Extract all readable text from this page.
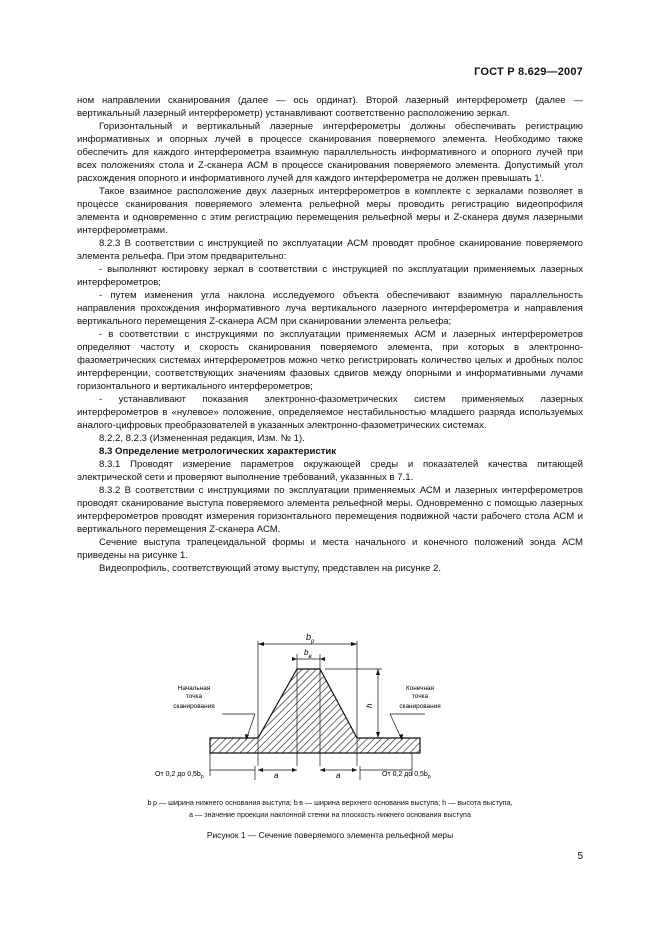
ГОСТ Р 8.629—2007

ном направлении сканирования (далее — ось ординат). Второй лазерный интерферометр (далее — вертикальный лазерный интерферометр) устанавливают соответственно расположению зеркал.

Горизонтальный и вертикальный лазерные интерферометры должны обеспечивать регистрацию информативных и опорных лучей в процессе сканирования поверяемого элемента. Необходимо также обеспечить для каждого интерферометра взаимную параллельность информативного и опорного лучей при всех положениях стола и Z-сканера АСМ в процессе сканирования поверяемого элемента. Допустимый угол расхождения опорного и информативного лучей для каждого интерферометра не должен превышать 1′.

Такое взаимное расположение двух лазерных интерферометров в комплекте с зеркалами позволяет в процессе сканирования поверяемого элемента рельефной меры проводить регистрацию видеопрофиля элемента и одновременно с этим регистрацию перемещения рельефной меры и Z-сканера двумя лазерными интерферометрами.

8.2.3 В соответствии с инструкцией по эксплуатации АСМ проводят пробное сканирование поверяемого элемента рельефа. При этом предварительно:

- выполняют юстировку зеркал в соответствии с инструкцией по эксплуатации применяемых лазерных интерферометров;

- путем изменения угла наклона исследуемого объекта обеспечивают взаимную параллельность направления прохождения информативного луча вертикального лазерного интерферометра и направления вертикального перемещения Z-сканера АСМ при сканировании элемента рельефа;

- в соответствии с инструкциями по эксплуатации применяемых АСМ и лазерных интерферометров определяют частоту и скорость сканирования поверяемого элемента, при которых в электронно-фазометрических системах интерферометров можно четко регистрировать количество целых и дробных полос интерференции, соответствующих значениям фазовых сдвигов между опорными и информативными лучами горизонтального и вертикального интерферометров;

- устанавливают показания электронно-фазометрических систем применяемых лазерных интерферометров в «нулевое» положение, определяемое нестабильностью младшего разряда используемых аналого-цифровых преобразователей в указанных электронно-фазометрических системах.

8.2.2, 8.2.3 (Измененная редакция, Изм. № 1).

8.3 Определение метрологических характеристик

8.3.1 Проводят измерение параметров окружающей среды и показателей качества питающей электрической сети и проверяют выполнение требований, указанных в 7.1.

8.3.2 В соответствии с инструкциями по эксплуатации применяемых АСМ и лазерных интерферометров проводят сканирование выступа поверяемого элемента рельефной меры. Одновременно с помощью лазерных интерферометров проводят измерения горизонтального перемещения подвижной части рабочего стола АСМ и вертикального перемещения Z-сканера АСМ.

Сечение выступа трапецеидальной формы и места начального и конечного положений зонда АСМ приведены на рисунке 1.

Видеопрофиль, соответствующий этому выступу, представлен на рисунке 2.

$b_p$
$b_в$
h
a	a
Начальная
точка
сканирования
Конечная
точка
сканирования
От 0,2 до $0,5b_p$	От 0,2 до $0,5b_p$

b p — ширина нижнего основания выступа; b в — ширина верхнего основания выступа; h — высота выступа,

a — значение проекции наклонной стенки на плоскость нижнего основания выступа

Рисунок 1 — Сечение поверяемого элемента рельефной меры
5
